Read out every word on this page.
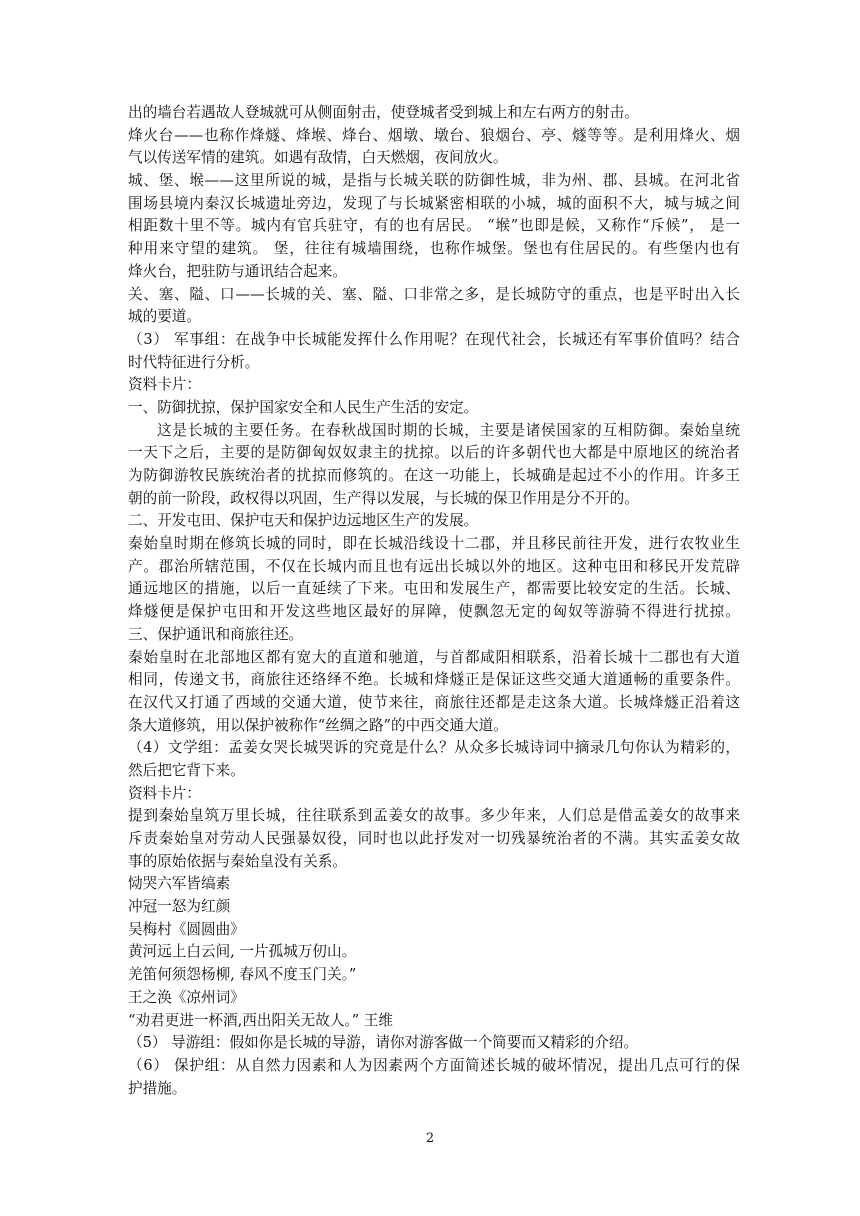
出的墙台若遇故人登城就可从侧面射击，使登城者受到城上和左右两方的射击。

烽火台——也称作烽燧、烽堠、烽台、烟墩、墩台、狼烟台、亭、燧等等。是利用烽火、烟

气以传送军情的建筑。如遇有敌情，白天燃烟，夜间放火。

城、堡、堠——这里所说的城，是指与长城关联的防御性城，非为州、郡、县城。在河北省

围场县境内秦汉长城遗址旁边，发现了与长城紧密相联的小城，城的面积不大，城与城之间

相距数十里不等。城内有官兵驻守，有的也有居民。 “堠”也即是候，又称作“斥候”， 是一

种用来守望的建筑。 堡，往往有城墙围绕，也称作城堡。堡也有住居民的。有些堡内也有

烽火台，把驻防与通讯结合起来。

关、塞、隘、口——长城的关、塞、隘、口非常之多，是长城防守的重点，也是平时出入长

城的要道。

（3） 军事组：在战争中长城能发挥什么作用呢？在现代社会，长城还有军事价值吗？结合

时代特征进行分析。

资料卡片：

一、防御扰掠，保护国家安全和人民生产生活的安定。

这是长城的主要任务。在春秋战国时期的长城，主要是诸侯国家的互相防御。秦始皇统

一天下之后，主要的是防御匈奴奴隶主的扰掠。以后的许多朝代也大都是中原地区的统治者

为防御游牧民族统治者的扰掠而修筑的。在这一功能上，长城确是起过不小的作用。许多王

朝的前一阶段，政权得以巩固，生产得以发展，与长城的保卫作用是分不开的。

二、开发屯田、保护屯天和保护边远地区生产的发展。

秦始皇时期在修筑长城的同时，即在长城沿线设十二郡，并且移民前往开发，进行农牧业生

产。郡治所辖范围，不仅在长城内而且也有远出长城以外的地区。这种屯田和移民开发荒辟

通远地区的措施，以后一直延续了下来。屯田和发展生产，都需要比较安定的生活。长城、

烽燧便是保护屯田和开发这些地区最好的屏障，使飘忽无定的匈奴等游骑不得进行扰掠。

三、保护通讯和商旅往还。

秦始皇时在北部地区都有宽大的直道和驰道，与首都咸阳相联系，沿着长城十二郡也有大道

相同，传递文书，商旅往还络绎不绝。长城和烽燧正是保证这些交通大道通畅的重要条件。

在汉代又打通了西域的交通大道，使节来往，商旅往还都是走这条大道。长城烽燧正沿着这

条大道修筑，用以保护被称作“丝绸之路”的中西交通大道。

（4）文学组：孟姜女哭长城哭诉的究竟是什么？从众多长城诗词中摘录几句你认为精彩的，

然后把它背下来。

资料卡片：

提到秦始皇筑万里长城，往往联系到孟姜女的故事。多少年来，人们总是借孟姜女的故事来

斥责秦始皇对劳动人民强暴奴役，同时也以此抒发对一切残暴统治者的不满。其实孟姜女故

事的原始依据与秦始皇没有关系。

恸哭六军皆缟素

冲冠一怒为红颜

吴梅村《圆圆曲》

黄河远上白云间, 一片孤城万仞山。

羌笛何须怨杨柳, 春风不度玉门关。”

王之涣《凉州词》

“劝君更进一杯酒,西出阳关无故人。” 王维

（5） 导游组：假如你是长城的导游，请你对游客做一个简要而又精彩的介绍。

（6） 保护组：从自然力因素和人为因素两个方面简述长城的破坏情况，提出几点可行的保

护措施。

2
